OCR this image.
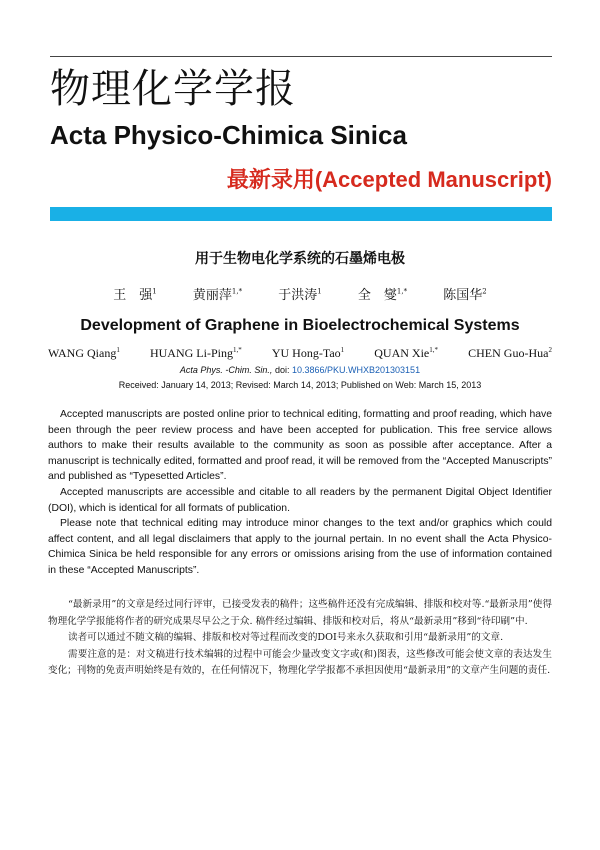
物理化学学报
Acta Physico-Chimica Sinica
最新录用(Accepted Manuscript)
用于生物电化学系统的石墨烯电极
王　强$^1$	黄丽萍$^{1,*}$	于洪涛$^1$	全　燮$^{1,*}$	陈国华$^2$
Development of Graphene in Bioelectrochemical Systems
WANG Qiang$^1$	HUANG Li-Ping$^{1,*}$	YU Hong-Tao$^1$	QUAN Xie$^{1,*}$	CHEN Guo-Hua$^2$
Acta Phys. -Chim. Sin., doi: 10.3866/PKU.WHXB201303151
Received: January 14, 2013; Revised: March 14, 2013; Published on Web: March 15, 2013

Accepted manuscripts are posted online prior to technical editing, formatting and proof reading, which have been through the peer review process and have been accepted for publication. This free service allows authors to make their results available to the community as soon as possible after acceptance. After a manuscript is technically edited, formatted and proof read, it will be removed from the “Accepted Manuscripts” and published as “Typesetted Articles”.

Accepted manuscripts are accessible and citable to all readers by the permanent Digital Object Identifier (DOI), which is identical for all formats of publication.

Please note that technical editing may introduce minor changes to the text and/or graphics which could affect content, and all legal disclaimers that apply to the journal pertain. In no event shall the Acta Physico-Chimica Sinica be held responsible for any errors or omissions arising from the use of information contained in these “Accepted Manuscripts”.

“最新录用”的文章是经过同行评审，已接受发表的稿件；这些稿件还没有完成编辑、排版和校对等.“最新录用”使得物理化学学报能将作者的研究成果尽早公之于众. 稿件经过编辑、排版和校对后，将从“最新录用”移到“待印刷”中.

读者可以通过不随文稿的编辑、排版和校对等过程而改变的DOI号来永久获取和引用“最新录用”的文章.

需要注意的是：对文稿进行技术编辑的过程中可能会少量改变文字或(和)图表，这些修改可能会使文章的表达发生变化；刊物的免责声明始终是有效的，在任何情况下，物理化学学报都不承担因使用“最新录用”的文章产生问题的责任.
